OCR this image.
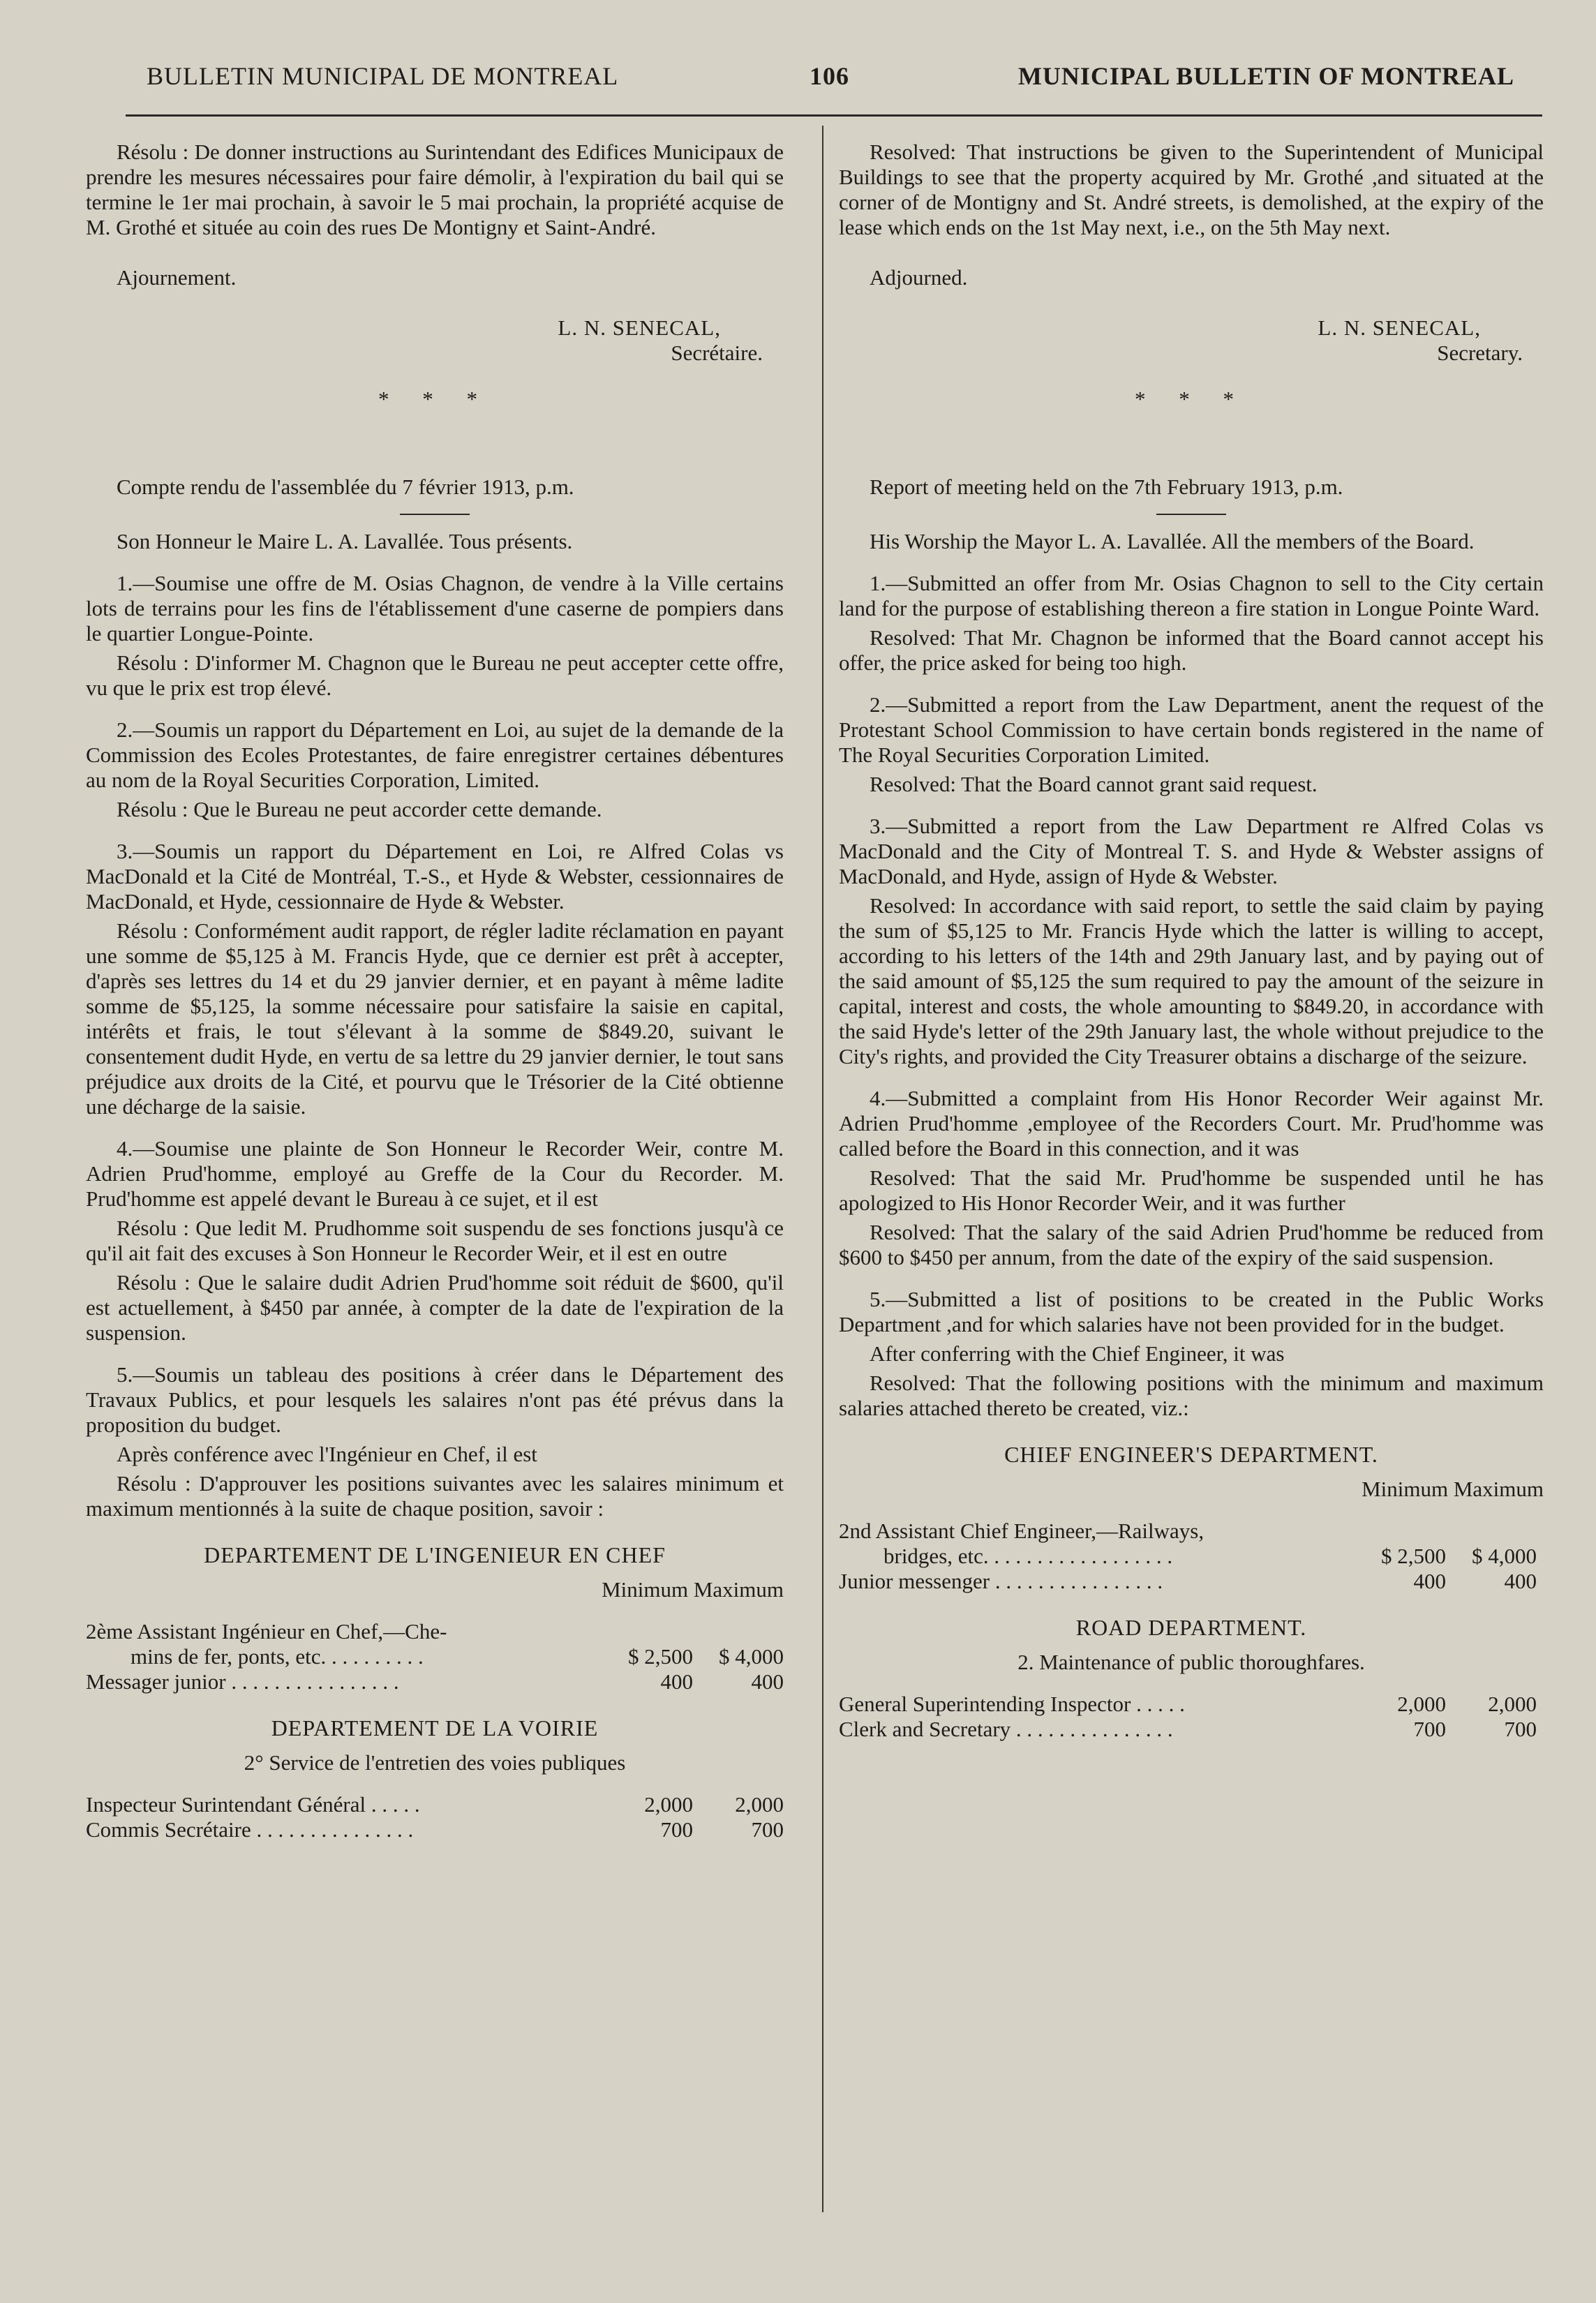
BULLETIN MUNICIPAL DE MONTREAL	106	MUNICIPAL BULLETIN OF MONTREAL

Résolu : De donner instructions au Surintendant des Edifices Municipaux de prendre les mesures nécessaires pour faire démolir, à l'expiration du bail qui se termine le 1er mai prochain, à savoir le 5 mai prochain, la propriété acquise de M. Grothé et située au coin des rues De Montigny et Saint-André.

Ajournement.

L. N. SENECAL,
Secrétaire.
* * *

Compte rendu de l'assemblée du 7 février 1913, p.m.

Son Honneur le Maire L. A. Lavallée. Tous présents.

1.—Soumise une offre de M. Osias Chagnon, de vendre à la Ville certains lots de terrains pour les fins de l'établissement d'une caserne de pompiers dans le quartier Longue-Pointe.

Résolu : D'informer M. Chagnon que le Bureau ne peut accepter cette offre, vu que le prix est trop élevé.

2.—Soumis un rapport du Département en Loi, au sujet de la demande de la Commission des Ecoles Protestantes, de faire enregistrer certaines débentures au nom de la Royal Securities Corporation, Limited.

Résolu : Que le Bureau ne peut accorder cette demande.

3.—Soumis un rapport du Département en Loi, re Alfred Colas vs MacDonald et la Cité de Montréal, T.-S., et Hyde & Webster, cessionnaires de MacDonald, et Hyde, cessionnaire de Hyde & Webster.

Résolu : Conformément audit rapport, de régler ladite réclamation en payant une somme de $5,125 à M. Francis Hyde, que ce dernier est prêt à accepter, d'après ses lettres du 14 et du 29 janvier dernier, et en payant à même ladite somme de $5,125, la somme nécessaire pour satisfaire la saisie en capital, intérêts et frais, le tout s'élevant à la somme de $849.20, suivant le consentement dudit Hyde, en vertu de sa lettre du 29 janvier dernier, le tout sans préjudice aux droits de la Cité, et pourvu que le Trésorier de la Cité obtienne une décharge de la saisie.

4.—Soumise une plainte de Son Honneur le Recorder Weir, contre M. Adrien Prud'homme, employé au Greffe de la Cour du Recorder. M. Prud'homme est appelé devant le Bureau à ce sujet, et il est

Résolu : Que ledit M. Prudhomme soit suspendu de ses fonctions jusqu'à ce qu'il ait fait des excuses à Son Honneur le Recorder Weir, et il est en outre

Résolu : Que le salaire dudit Adrien Prud'homme soit réduit de $600, qu'il est actuellement, à $450 par année, à compter de la date de l'expiration de la suspension.

5.—Soumis un tableau des positions à créer dans le Département des Travaux Publics, et pour lesquels les salaires n'ont pas été prévus dans la proposition du budget.

Après conférence avec l'Ingénieur en Chef, il est

Résolu : D'approuver les positions suivantes avec les salaires minimum et maximum mentionnés à la suite de chaque position, savoir :

DEPARTEMENT DE L'INGENIEUR EN CHEF
Minimum Maximum
2ème Assistant Ingénieur en Chef,—Che-
mins de fer, ponts, etc. . . . . . . . . .	$ 2,500	$ 4,000
Messager junior . . . . . . . . . . . . . . . .	400	400
DEPARTEMENT DE LA VOIRIE
2° Service de l'entretien des voies publiques
Inspecteur Surintendant Général . . . . .	2,000	2,000
Commis Secrétaire . . . . . . . . . . . . . . .	700	700

Resolved: That instructions be given to the Superintendent of Municipal Buildings to see that the property acquired by Mr. Grothé ,and situated at the corner of de Montigny and St. André streets, is demolished, at the expiry of the lease which ends on the 1st May next, i.e., on the 5th May next.

Adjourned.

L. N. SENECAL,
Secretary.
* * *

Report of meeting held on the 7th February 1913, p.m.

His Worship the Mayor L. A. Lavallée. All the members of the Board.

1.—Submitted an offer from Mr. Osias Chagnon to sell to the City certain land for the purpose of establishing thereon a fire station in Longue Pointe Ward.

Resolved: That Mr. Chagnon be informed that the Board cannot accept his offer, the price asked for being too high.

2.—Submitted a report from the Law Department, anent the request of the Protestant School Commission to have certain bonds registered in the name of The Royal Securities Corporation Limited.

Resolved: That the Board cannot grant said request.

3.—Submitted a report from the Law Department re Alfred Colas vs MacDonald and the City of Montreal T. S. and Hyde & Webster assigns of MacDonald, and Hyde, assign of Hyde & Webster.

Resolved: In accordance with said report, to settle the said claim by paying the sum of $5,125 to Mr. Francis Hyde which the latter is willing to accept, according to his letters of the 14th and 29th January last, and by paying out of the said amount of $5,125 the sum required to pay the amount of the seizure in capital, interest and costs, the whole amounting to $849.20, in accordance with the said Hyde's letter of the 29th January last, the whole without prejudice to the City's rights, and provided the City Treasurer obtains a discharge of the seizure.

4.—Submitted a complaint from His Honor Recorder Weir against Mr. Adrien Prud'homme ,employee of the Recorders Court. Mr. Prud'homme was called before the Board in this connection, and it was

Resolved: That the said Mr. Prud'homme be suspended until he has apologized to His Honor Recorder Weir, and it was further

Resolved: That the salary of the said Adrien Prud'homme be reduced from $600 to $450 per annum, from the date of the expiry of the said suspension.

5.—Submitted a list of positions to be created in the Public Works Department ,and for which salaries have not been provided for in the budget.

After conferring with the Chief Engineer, it was

Resolved: That the following positions with the minimum and maximum salaries attached thereto be created, viz.:

CHIEF ENGINEER'S DEPARTMENT.
Minimum Maximum
2nd Assistant Chief Engineer,—Railways,
bridges, etc. . . . . . . . . . . . . . . . . .	$ 2,500	$ 4,000
Junior messenger . . . . . . . . . . . . . . . .	400	400
ROAD DEPARTMENT.
2. Maintenance of public thoroughfares.
General Superintending Inspector . . . . .	2,000	2,000
Clerk and Secretary . . . . . . . . . . . . . . .	700	700
